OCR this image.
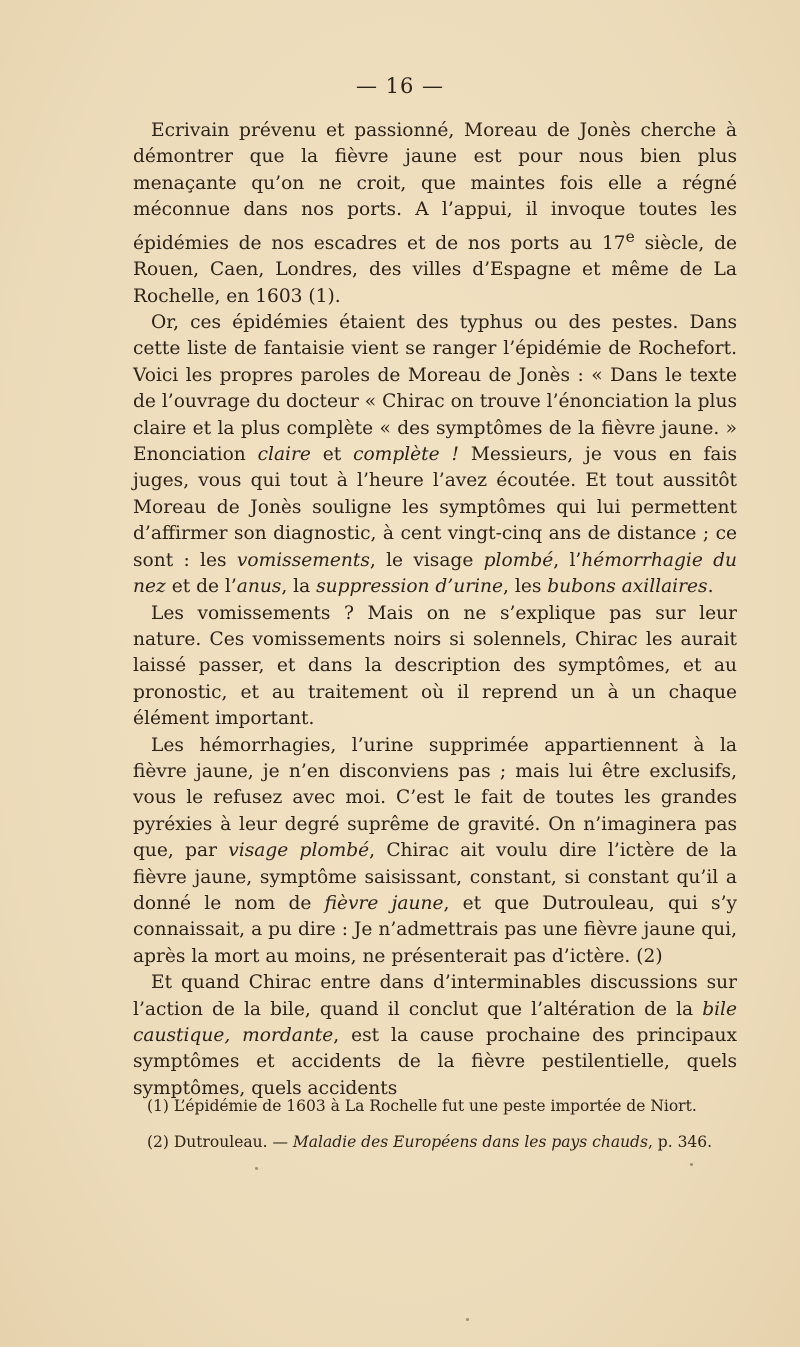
— 16 —

Ecrivain prévenu et passionné, Moreau de Jonès cherche à démontrer que la fièvre jaune est pour nous bien plus menaçante qu’on ne croit, que maintes fois elle a régné méconnue dans nos ports. A l’appui, il invoque toutes les épidémies de nos escadres et de nos ports au 17e siècle, de Rouen, Caen, Londres, des villes d’Espagne et même de La Rochelle, en 1603 (1).

Or, ces épidémies étaient des typhus ou des pestes. Dans cette liste de fantaisie vient se ranger l’épidémie de Rochefort. Voici les propres paroles de Moreau de Jonès : « Dans le texte de l’ouvrage du docteur « Chirac on trouve l’énonciation la plus claire et la plus complète « des symptômes de la fièvre jaune. » Enonciation claire et complète ! Messieurs, je vous en fais juges, vous qui tout à l’heure l’avez écoutée. Et tout aussitôt Moreau de Jonès souligne les symptômes qui lui permettent d’affirmer son diagnostic, à cent vingt-cinq ans de distance ; ce sont : les vomissements, le visage plombé, l’hémorrhagie du nez et de l’anus, la suppression d’urine, les bubons axillaires.

Les vomissements ? Mais on ne s’explique pas sur leur nature. Ces vomissements noirs si solennels, Chirac les aurait laissé passer, et dans la description des symptômes, et au pronostic, et au traitement où il reprend un à un chaque élément important.

Les hémorrhagies, l’urine supprimée appartiennent à la fièvre jaune, je n’en disconviens pas ; mais lui être exclusifs, vous le refusez avec moi. C’est le fait de toutes les grandes pyréxies à leur degré suprême de gravité. On n’imaginera pas que, par visage plombé, Chirac ait voulu dire l’ictère de la fièvre jaune, symptôme saisissant, constant, si constant qu’il a donné le nom de fièvre jaune, et que Dutrouleau, qui s’y connaissait, a pu dire : Je n’admettrais pas une fièvre jaune qui, après la mort au moins, ne présenterait pas d’ictère. (2)

Et quand Chirac entre dans d’interminables discussions sur l’action de la bile, quand il conclut que l’altération de la bile caustique, mordante, est la cause prochaine des principaux symptômes et accidents de la fièvre pestilentielle, quels symptômes, quels accidents

(1) L’épidémie de 1603 à La Rochelle fut une peste importée de Niort.

(2) Dutrouleau. — Maladie des Européens dans les pays chauds, p. 346.
